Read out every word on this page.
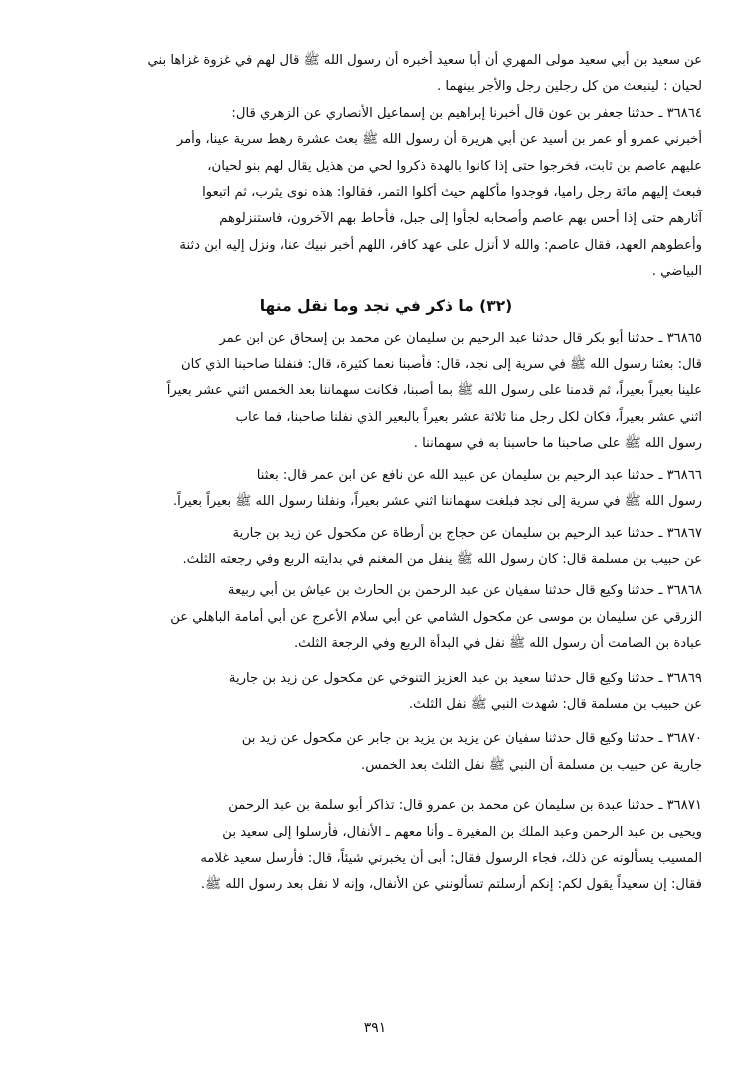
عن سعيد بن أبي سعيد مولى المهري أن أبا سعيد أخبره أن رسول الله ﷺ قال لهم في غزوة غزاها بني

لحيان : لينبعث من كل رجلين رجل والأجر بينهما .

٣٦٨٦٤ ـ حدثنا جعفر بن عون قال أخبرنا إبراهيم بن إسماعيل الأنصاري عن الزهري قال:

أخبرني عمرو أو عمر بن أسيد عن أبي هريرة أن رسول الله ﷺ بعث عشرة رهط سرية عينا، وأمر

عليهم عاصم بن ثابت، فخرجوا حتى إذا كانوا بالهدة ذكروا لحي من هذيل يقال لهم بنو لحيان،

فبعث إليهم مائة رجل راميا، فوجدوا مأكلهم حيث أكلوا التمر، فقالوا: هذه نوى يثرب، ثم اتبعوا

آثارهم حتى إذا أحس بهم عاصم وأصحابه لجأوا إلى جبل، فأحاط بهم الآخرون، فاستنزلوهم

وأعطوهم العهد، فقال عاصم: والله لا أنزل على عهد كافر، اللهم أخبر نبيك عنا، ونزل إليه ابن دثنة

البياضي .

(٣٢) ما ذكر في نجد وما نقل منها

٣٦٨٦٥ ـ حدثنا أبو بكر قال حدثنا عبد الرحيم بن سليمان عن محمد بن إسحاق عن ابن عمر

قال: بعثنا رسول الله ﷺ في سرية إلى نجد، قال: فأصبنا نعما كثيرة، قال: فنفلنا صاحبنا الذي كان

علينا بعيراً بعيراً، ثم قدمنا على رسول الله ﷺ بما أصبنا، فكانت سهماننا بعد الخمس اثني عشر بعيراً

اثني عشر بعيراً، فكان لكل رجل منا ثلاثة عشر بعيراً بالبعير الذي نفلنا صاحبنا، فما عاب

رسول الله ﷺ على صاحبنا ما حاسبنا به في سهماننا .

٣٦٨٦٦ ـ حدثنا عبد الرحيم بن سليمان عن عبيد الله عن نافع عن ابن عمر قال: بعثنا

رسول الله ﷺ في سرية إلى نجد فبلغت سهماننا اثني عشر بعيراً، ونفلنا رسول الله ﷺ بعيراً بعيراً.

٣٦٨٦٧ ـ حدثنا عبد الرحيم بن سليمان عن حجاج بن أرطاة عن مكحول عن زيد بن جارية

عن حبيب بن مسلمة قال: كان رسول الله ﷺ ينفل من المغنم في بدايته الربع وفي رجعته الثلث.

٣٦٨٦٨ ـ حدثنا وكيع قال حدثنا سفيان عن عبد الرحمن بن الحارث بن عياش بن أبي ربيعة

الزرقي عن سليمان بن موسى عن مكحول الشامي عن أبي سلام الأعرج عن أبي أمامة الباهلي عن

عبادة بن الصامت أن رسول الله ﷺ نفل في البدأة الربع وفي الرجعة الثلث.

٣٦٨٦٩ ـ حدثنا وكيع قال حدثنا سعيد بن عبد العزيز التنوخي عن مكحول عن زيد بن جارية

عن حبيب بن مسلمة قال: شهدت النبي ﷺ نفل الثلث.

٣٦٨٧٠ ـ حدثنا وكيع قال حدثنا سفيان عن يزيد بن يزيد بن جابر عن مكحول عن زيد بن

جارية عن حبيب بن مسلمة أن النبي ﷺ نفل الثلث بعد الخمس.

٣٦٨٧١ ـ حدثنا عبدة بن سليمان عن محمد بن عمرو قال: تذاكر أبو سلمة بن عبد الرحمن

ويحيى بن عبد الرحمن وعبد الملك بن المغيرة ـ وأنا معهم ـ الأنفال، فأرسلوا إلى سعيد بن

المسيب يسألونه عن ذلك، فجاء الرسول فقال: أبى أن يخبرني شيئاً، قال: فأرسل سعيد غلامه

فقال: إن سعيداً يقول لكم: إنكم أرسلتم تسألونني عن الأنفال، وإنه لا نفل بعد رسول الله ﷺ.

٣٩١
